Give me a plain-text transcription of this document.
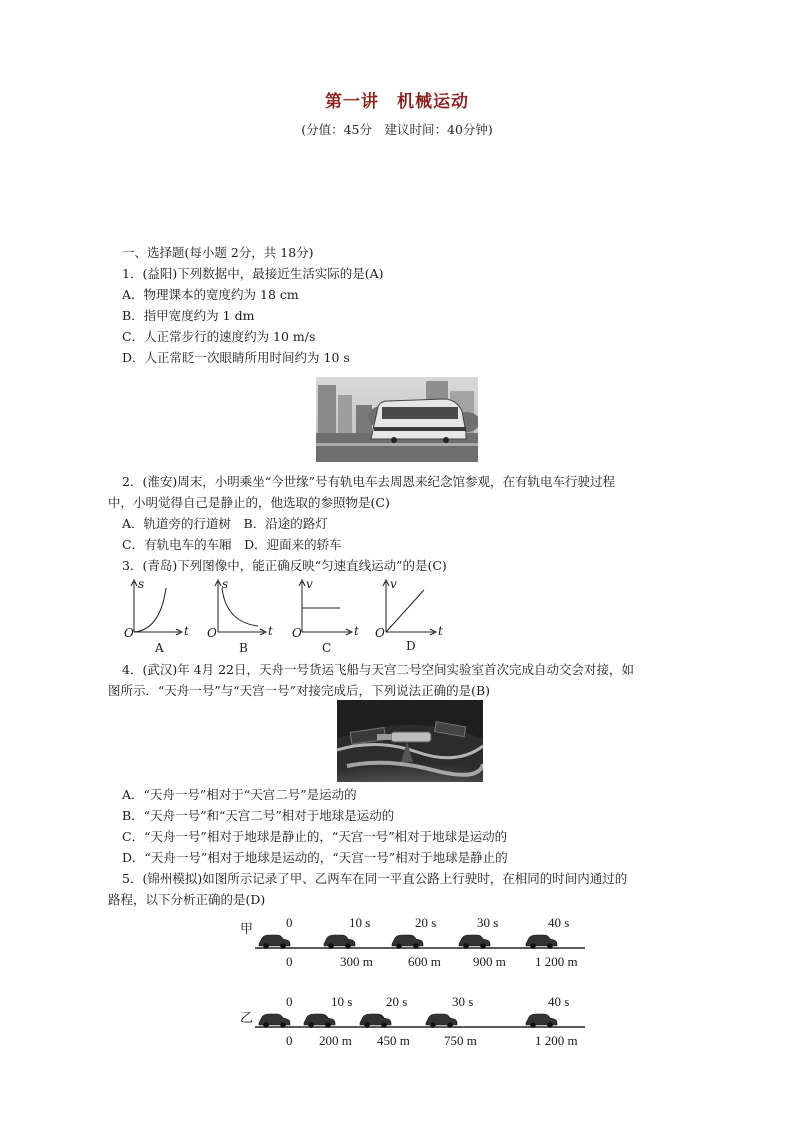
第一讲　机械运动
(分值：45分　建议时间：40分钟)
一、选择题(每小题 2分，共 18分)
1．(益阳)下列数据中，最接近生活实际的是(A)
A．物理课本的宽度约为 18 cm
B．指甲宽度约为 1 dm
C．人正常步行的速度约为 10 m/s
D．人正常眨一次眼睛所用时间约为 10 s
2．(淮安)周末，小明乘坐“今世缘”号有轨电车去周恩来纪念馆参观，在有轨电车行驶过程
中，小明觉得自己是静止的，他选取的参照物是(C)
A．轨道旁的行道树　B．沿途的路灯
C．有轨电车的车厢　D．迎面来的轿车
3．(青岛)下列图像中，能正确反映“匀速直线运动”的是(C)
s
t
O
A
s
t
O
B
v
t
O
C
v
t
O
D
4．(武汉)年 4月 22日，天舟一号货运飞船与天宫二号空间实验室首次完成自动交会对接，如
图所示．“天舟一号”与“天宫一号”对接完成后，下列说法正确的是(B)
A．“天舟一号”相对于“天宫二号”是运动的
B．“天舟一号”和“天宫二号”相对于地球是运动的
C．“天舟一号”相对于地球是静止的，“天宫一号”相对于地球是运动的
D．“天舟一号”相对于地球是运动的，“天宫一号”相对于地球是静止的
5．(锦州模拟)如图所示记录了甲、乙两车在同一平直公路上行驶时，在相同的时间内通过的
路程，以下分析正确的是(D)
甲	0	10 s	20 s	30 s	40 s
0	300 m	600 m 900 m 1 200 m
乙
0	10 s	20 s	30 s	40 s
0 200 m 450 m	750 m	1 200 m
